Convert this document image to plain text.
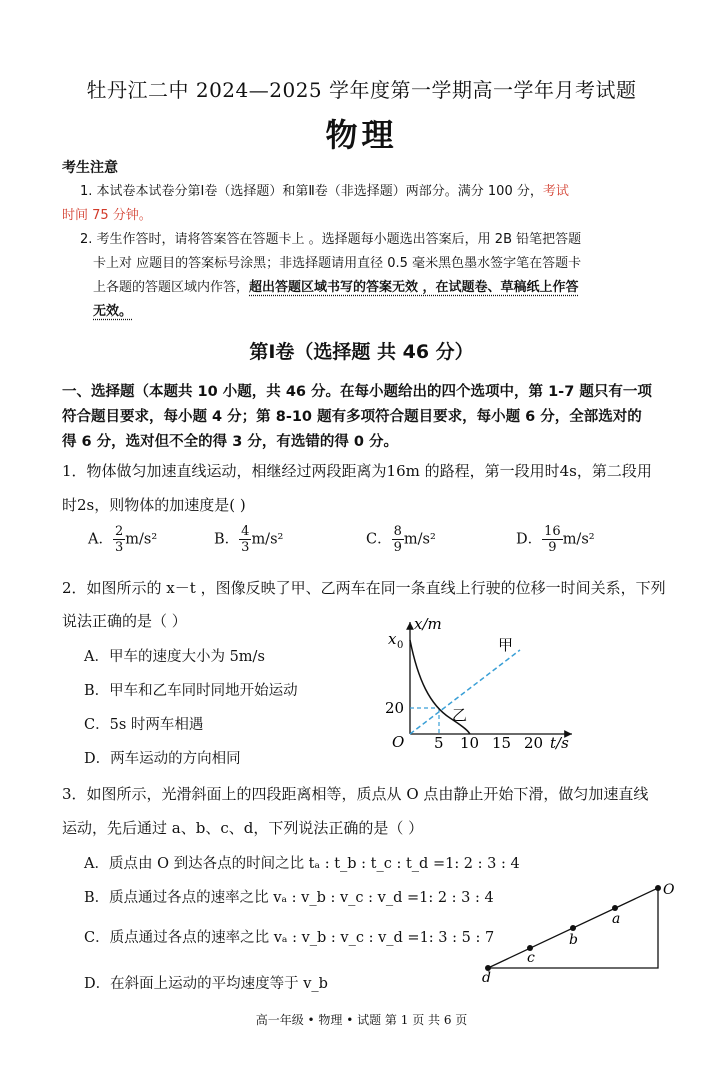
牡丹江二中 2024—2025 学年度第一学期高一学年月考试题
物理
考生注意
1. 本试卷本试卷分第Ⅰ卷（选择题）和第Ⅱ卷（非选择题）两部分。满分 100 分，考试
时间 75 分钟。
2. 考生作答时，请将答案答在答题卡上 。选择题每小题选出答案后，用 2B 铅笔把答题
卡上对 应题目的答案标号涂黑；非选择题请用直径 0.5 毫米黑色墨水签字笔在答题卡
上各题的答题区域内作答，超出答题区域书写的答案无效 ，在试题卷、草稿纸上作答
无效。
第Ⅰ卷（选择题 共 46 分）
一、选择题（本题共 10 小题，共 46 分。在每小题给出的四个选项中，第 1-7 题只有一项
符合题目要求，每小题 4 分；第 8-10 题有多项符合题目要求，每小题 6 分，全部选对的
得 6 分，选对但不全的得 3 分，有选错的得 0 分。
1．物体做匀加速直线运动，相继经过两段距离为16m 的路程，第一段用时4s，第二段用
时2s，则物体的加速度是( )
A． $\frac{2}{3} m/s^2$	B． $\frac{4}{3} m/s^2$	C． $\frac{8}{9} m/s^2$	D． $\frac{16}{9} m/s^2$
2．如图所示的 x－t ，图像反映了甲、乙两车在同一条直线上行驶的位移一时间关系，下列
说法正确的是（ ）
A．甲车的速度大小为 5m/s
B．甲车和乙车同时同地开始运动
C．5s 时两车相遇
D．两车运动的方向相同
x/m
t/s
O
x 0
20
5 10 15 20
甲
乙
3．如图所示，光滑斜面上的四段距离相等，质点从 O 点由静止开始下滑，做匀加速直线
运动，先后通过 a、b、c、d，下列说法正确的是（ ）
A．质点由 O 到达各点的时间之比 tₐ : t_b : t_c : t_d =1: 2 : 3 : 4
B．质点通过各点的速率之比 vₐ : v_b : v_c : v_d =1: 2 : 3 : 4
C．质点通过各点的速率之比 vₐ : v_b : v_c : v_d =1: 3 : 5 : 7
D．在斜面上运动的平均速度等于 v_b
O
a
b
c
d
高一年级 • 物理 • 试题 第 1 页 共 6 页
